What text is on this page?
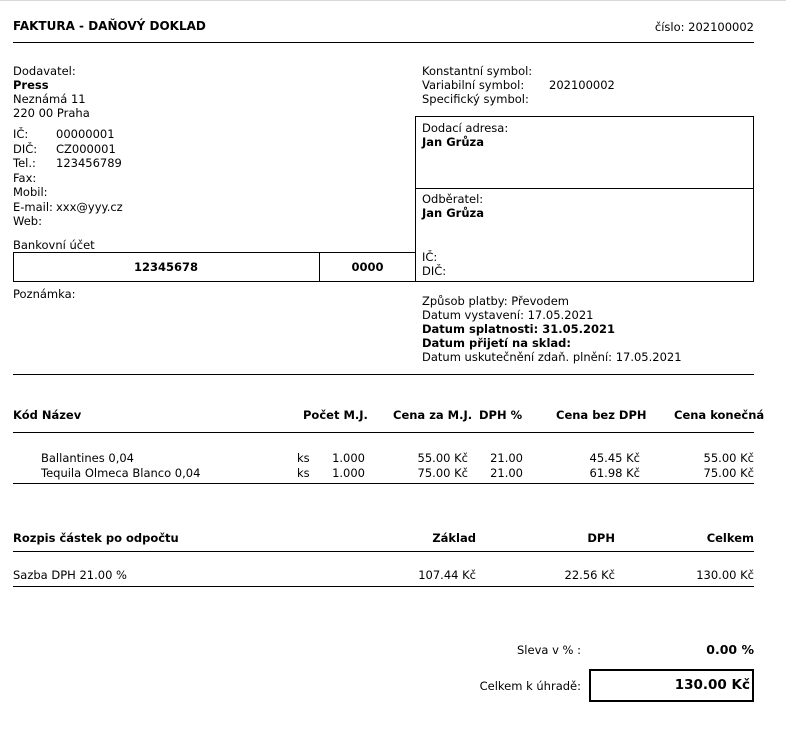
FAKTURA - DAŇOVÝ DOKLAD	číslo: 202100002
Dodavatel:
Press
Neznámá 11
220 00 Praha
IČ: 00000001
DIČ: CZ000001
Tel.: 123456789
Fax:
Mobil:
E-mail: xxx@yyy.cz
Web:
Bankovní účet
12345678	0000
Konstantní symbol:
Variabilní symbol: 202100002
Specifický symbol:
Dodací adresa:
Jan Grůza
Odběratel:
Jan Grůza
IČ:
DIČ:
Poznámka:	Způsob platby: Převodem
Datum vystavení: 17.05.2021
Datum splatnosti: 31.05.2021
Datum přijetí na sklad:
Datum uskutečnění zdaň. plnění: 17.05.2021
Kód Název	Počet M.J. Cena za M.J. DPH %	Cena bez DPH Cena konečná
Ballantines 0,04	ks 1.000	55.00 Kč 21.00	45.45 Kč	55.00 Kč
Tequila Olmeca Blanco 0,04	ks 1.000	75.00 Kč 21.00	61.98 Kč	75.00 Kč
Rozpis částek po odpočtu	Základ	DPH	Celkem
Sazba DPH 21.00 %	107.44 Kč	22.56 Kč	130.00 Kč
Sleva v % :	0.00 %
Celkem k úhradě:	130.00 Kč
